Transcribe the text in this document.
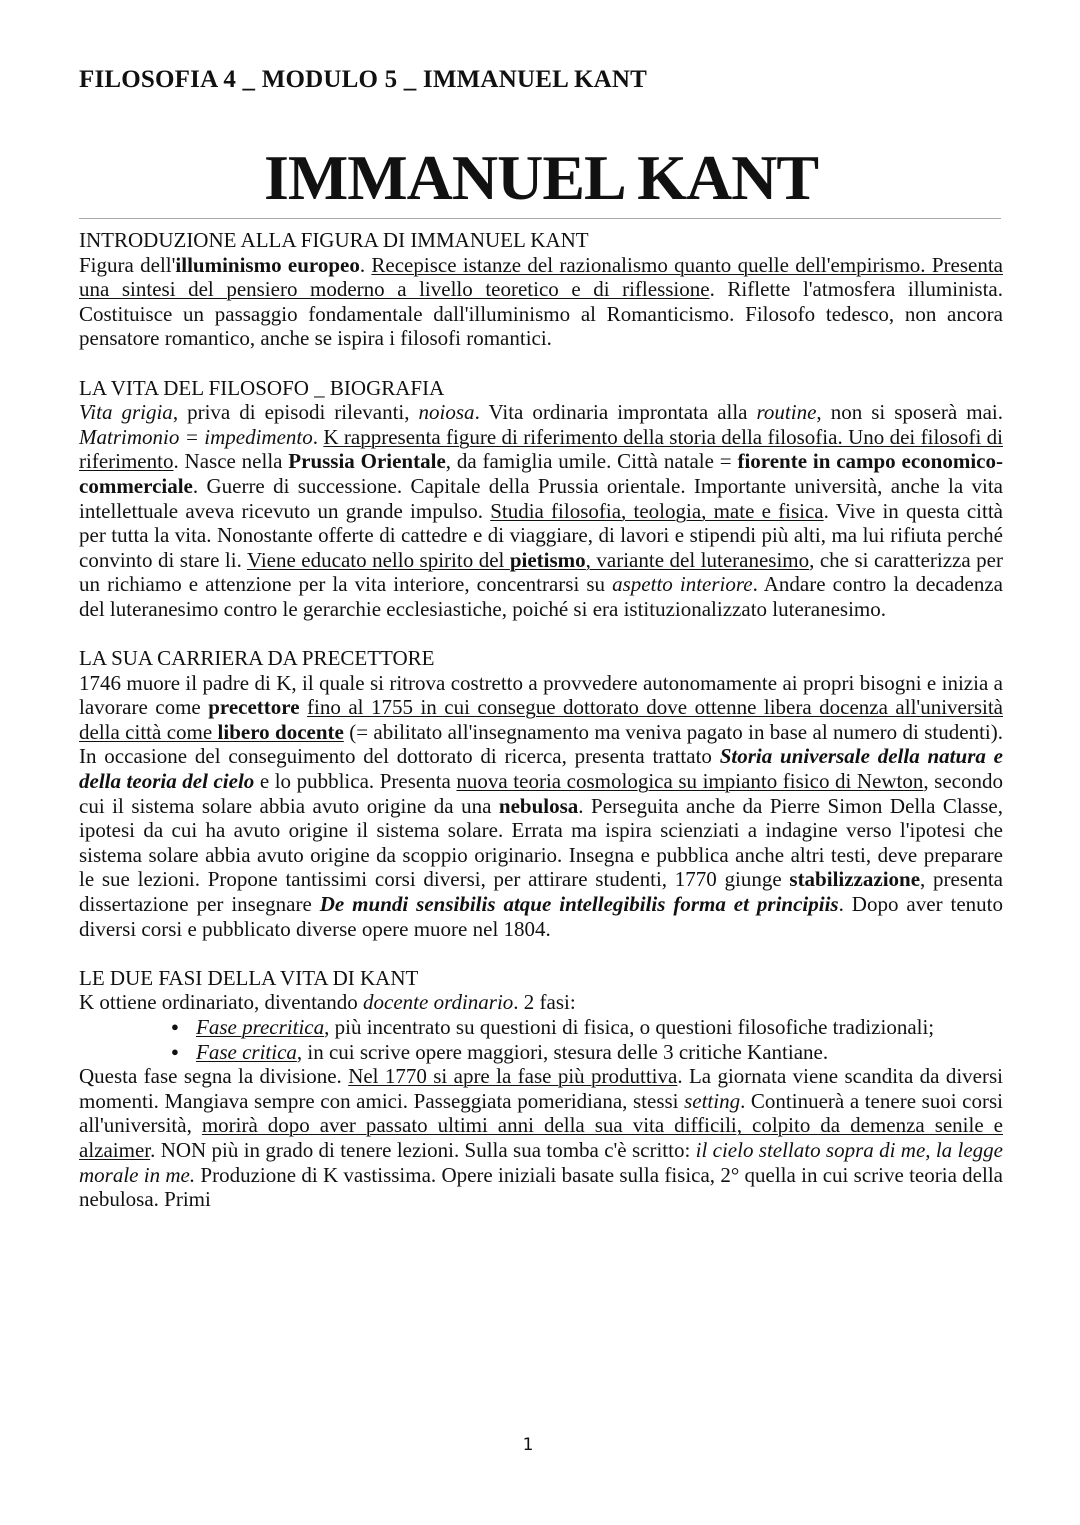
FILOSOFIA 4 _ MODULO 5 _ IMMANUEL KANT
IMMANUEL KANT
INTRODUZIONE ALLA FIGURA DI IMMANUEL KANT

Figura dell'illuminismo europeo. Recepisce istanze del razionalismo quanto quelle dell'empirismo. Presenta una sintesi del pensiero moderno a livello teoretico e di riflessione. Riflette l'atmosfera illuminista. Costituisce un passaggio fondamentale dall'illuminismo al Romanticismo. Filosofo tedesco, non ancora pensatore romantico, anche se ispira i filosofi romantici.

LA VITA DEL FILOSOFO _ BIOGRAFIA

Vita grigia, priva di episodi rilevanti, noiosa. Vita ordinaria improntata alla routine, non si sposerà mai. Matrimonio = impedimento. K rappresenta figure di riferimento della storia della filosofia. Uno dei filosofi di riferimento. Nasce nella Prussia Orientale, da famiglia umile. Città natale = fiorente in campo economico-commerciale. Guerre di successione. Capitale della Prussia orientale. Importante università, anche la vita intellettuale aveva ricevuto un grande impulso. Studia filosofia, teologia, mate e fisica. Vive in questa città per tutta la vita. Nonostante offerte di cattedre e di viaggiare, di lavori e stipendi più alti, ma lui rifiuta perché convinto di stare li. Viene educato nello spirito del pietismo, variante del luteranesimo, che si caratterizza per un richiamo e attenzione per la vita interiore, concentrarsi su aspetto interiore. Andare contro la decadenza del luteranesimo contro le gerarchie ecclesiastiche, poiché si era istituzionalizzato luteranesimo.

LA SUA CARRIERA DA PRECETTORE

1746 muore il padre di K, il quale si ritrova costretto a provvedere autonomamente ai propri bisogni e inizia a lavorare come precettore fino al 1755 in cui consegue dottorato dove ottenne libera docenza all'università della città come libero docente (= abilitato all'insegnamento ma veniva pagato in base al numero di studenti). In occasione del conseguimento del dottorato di ricerca, presenta trattato Storia universale della natura e della teoria del cielo e lo pubblica. Presenta nuova teoria cosmologica su impianto fisico di Newton, secondo cui il sistema solare abbia avuto origine da una nebulosa. Perseguita anche da Pierre Simon Della Classe, ipotesi da cui ha avuto origine il sistema solare. Errata ma ispira scienziati a indagine verso l'ipotesi che sistema solare abbia avuto origine da scoppio originario. Insegna e pubblica anche altri testi, deve preparare le sue lezioni. Propone tantissimi corsi diversi, per attirare studenti, 1770 giunge stabilizzazione, presenta dissertazione per insegnare De mundi sensibilis atque intellegibilis forma et principiis. Dopo aver tenuto diversi corsi e pubblicato diverse opere muore nel 1804.

LE DUE FASI DELLA VITA DI KANT

K ottiene ordinariato, diventando docente ordinario. 2 fasi:

● Fase precritica, più incentrato su questioni di fisica, o questioni filosofiche tradizionali;
● Fase critica, in cui scrive opere maggiori, stesura delle 3 critiche Kantiane.

Questa fase segna la divisione. Nel 1770 si apre la fase più produttiva. La giornata viene scandita da diversi momenti. Mangiava sempre con amici. Passeggiata pomeridiana, stessi setting. Continuerà a tenere suoi corsi all'università, morirà dopo aver passato ultimi anni della sua vita difficili, colpito da demenza senile e alzaimer. NON più in grado di tenere lezioni. Sulla sua tomba c'è scritto: il cielo stellato sopra di me, la legge morale in me. Produzione di K vastissima. Opere iniziali basate sulla fisica, 2° quella in cui scrive teoria della nebulosa. Primi

1
